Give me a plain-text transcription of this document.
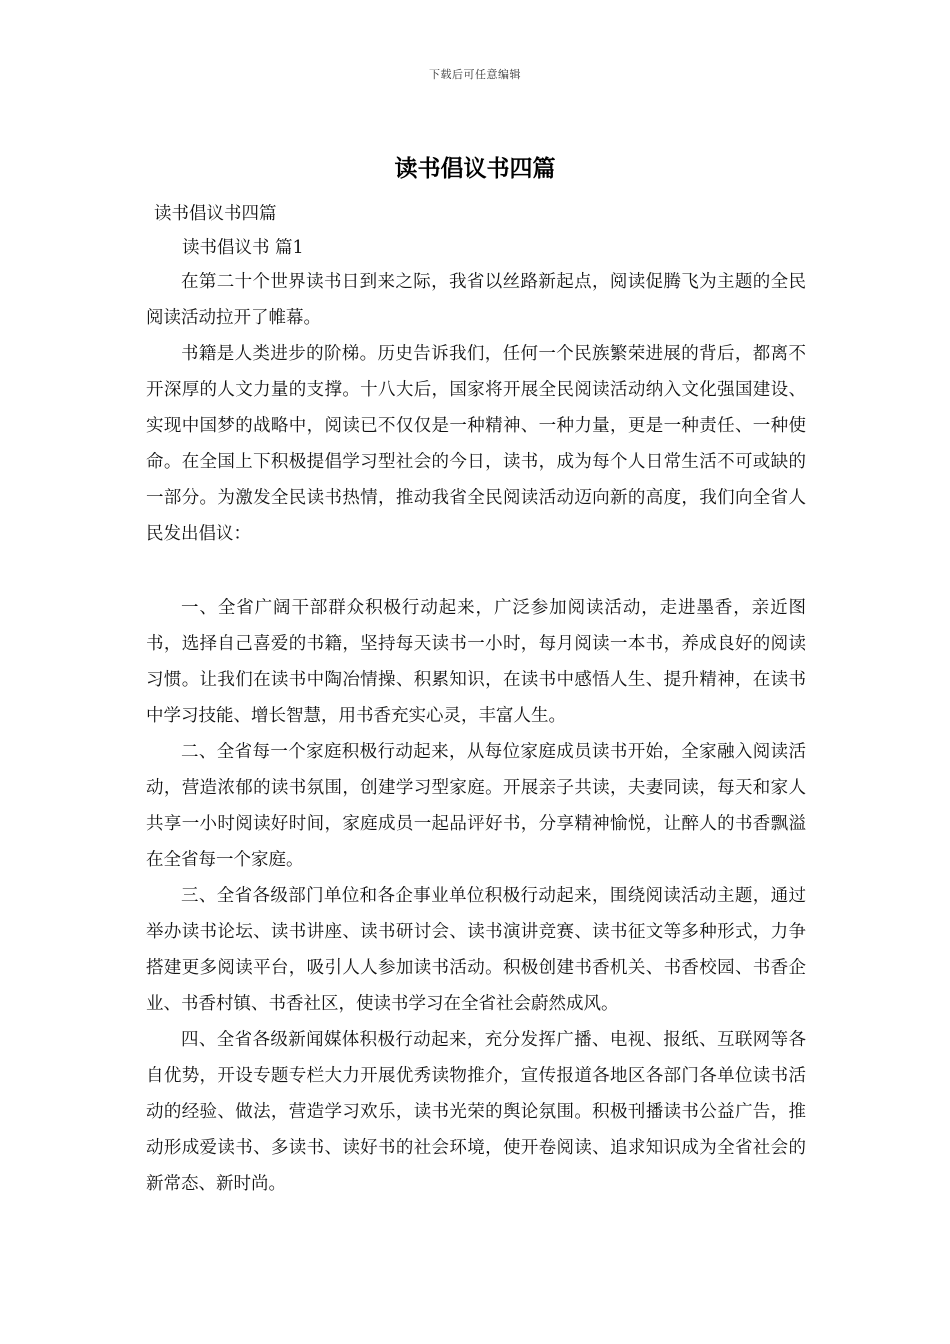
下载后可任意编辑
读书倡议书四篇
读书倡议书四篇
读书倡议书 篇1

在第二十个世界读书日到来之际，我省以丝路新起点，阅读促腾飞为主题的全民阅读活动拉开了帷幕。

书籍是人类进步的阶梯。历史告诉我们，任何一个民族繁荣进展的背后，都离不开深厚的人文力量的支撑。十八大后，国家将开展全民阅读活动纳入文化强国建设、实现中国梦的战略中，阅读已不仅仅是一种精神、一种力量，更是一种责任、一种使命。在全国上下积极提倡学习型社会的今日，读书，成为每个人日常生活不可或缺的一部分。为激发全民读书热情，推动我省全民阅读活动迈向新的高度，我们向全省人民发出倡议：

一、全省广阔干部群众积极行动起来，广泛参加阅读活动，走进墨香，亲近图书，选择自己喜爱的书籍，坚持每天读书一小时，每月阅读一本书，养成良好的阅读习惯。让我们在读书中陶冶情操、积累知识，在读书中感悟人生、提升精神，在读书中学习技能、增长智慧，用书香充实心灵，丰富人生。

二、全省每一个家庭积极行动起来，从每位家庭成员读书开始，全家融入阅读活动，营造浓郁的读书氛围，创建学习型家庭。开展亲子共读，夫妻同读，每天和家人共享一小时阅读好时间，家庭成员一起品评好书，分享精神愉悦，让醉人的书香飘溢在全省每一个家庭。

三、全省各级部门单位和各企事业单位积极行动起来，围绕阅读活动主题，通过举办读书论坛、读书讲座、读书研讨会、读书演讲竞赛、读书征文等多种形式，力争搭建更多阅读平台，吸引人人参加读书活动。积极创建书香机关、书香校园、书香企业、书香村镇、书香社区，使读书学习在全省社会蔚然成风。

四、全省各级新闻媒体积极行动起来，充分发挥广播、电视、报纸、互联网等各自优势，开设专题专栏大力开展优秀读物推介，宣传报道各地区各部门各单位读书活动的经验、做法，营造学习欢乐，读书光荣的舆论氛围。积极刊播读书公益广告，推动形成爱读书、多读书、读好书的社会环境，使开卷阅读、追求知识成为全省社会的新常态、新时尚。
